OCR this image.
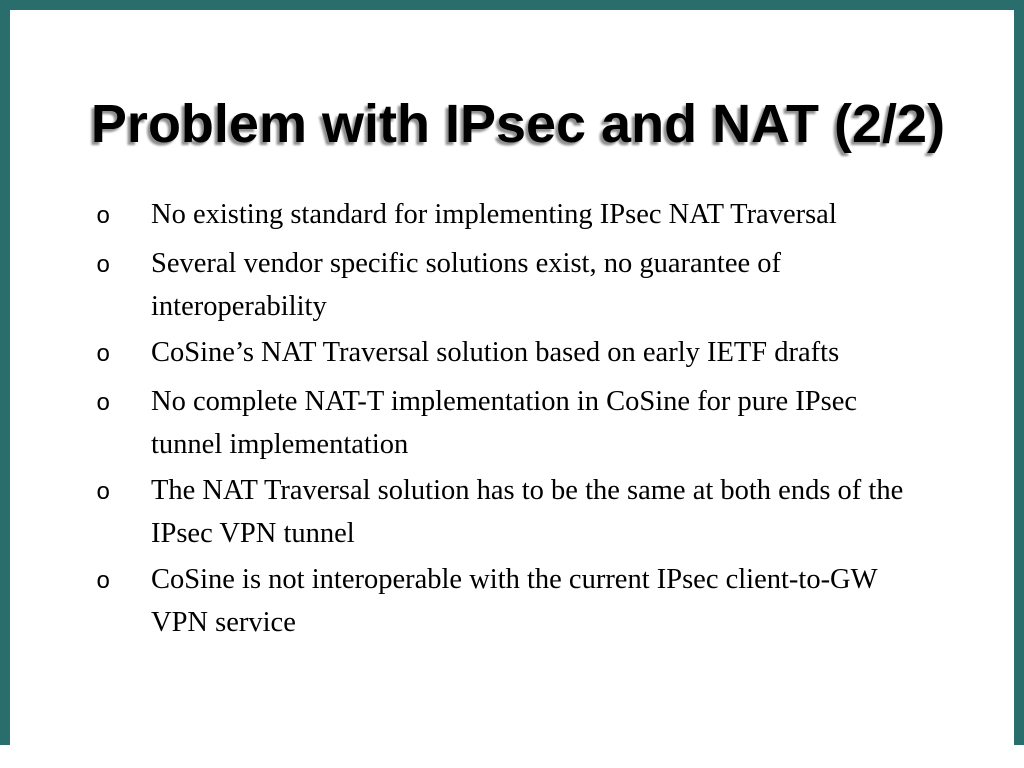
Problem with IPsec and NAT (2/2)
o	No existing standard for implementing IPsec NAT Traversal
o	Several vendor specific solutions exist, no guarantee of
interoperability
o	CoSine’s NAT Traversal solution based on early IETF drafts
o	No complete NAT-T implementation in CoSine for pure IPsec
tunnel implementation
o	The NAT Traversal solution has to be the same at both ends of the
IPsec VPN tunnel
o	CoSine is not interoperable with the current IPsec client-to-GW
VPN service
